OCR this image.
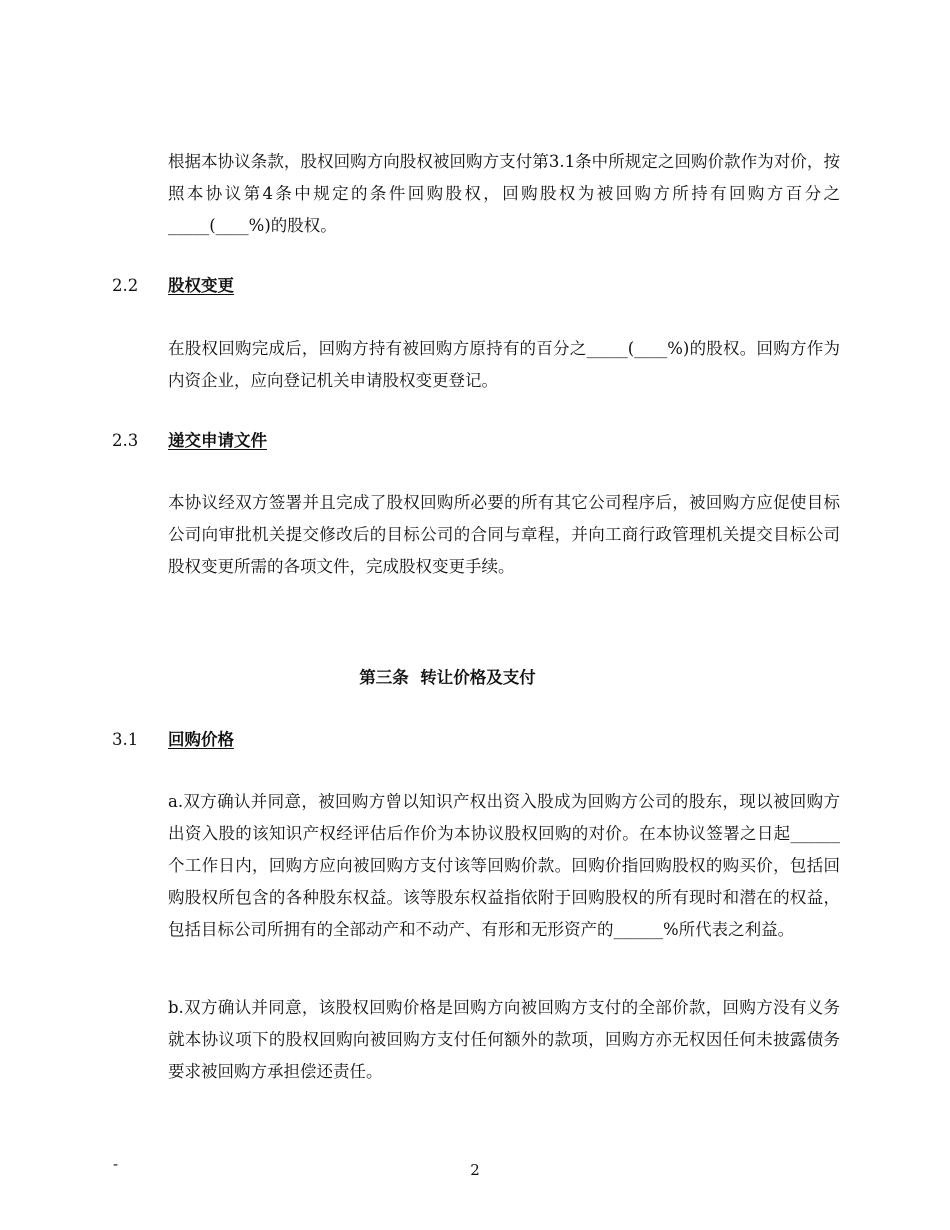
根据本协议条款，股权回购方向股权被回购方支付第3.1条中所规定之回购价款作为对价，按照本协议第4条中规定的条件回购股权，回购股权为被回购方所持有回购方百分之_____(____%)的股权。

2.2 股权变更

在股权回购完成后，回购方持有被回购方原持有的百分之_____(____%)的股权。回购方作为内资企业，应向登记机关申请股权变更登记。

2.3 递交申请文件

本协议经双方签署并且完成了股权回购所必要的所有其它公司程序后，被回购方应促使目标公司向审批机关提交修改后的目标公司的合同与章程，并向工商行政管理机关提交目标公司股权变更所需的各项文件，完成股权变更手续。

第三条  转让价格及支付
3.1 回购价格

a.双方确认并同意，被回购方曾以知识产权出资入股成为回购方公司的股东，现以被回购方出资入股的该知识产权经评估后作价为本协议股权回购的对价。在本协议签署之日起______个工作日内，回购方应向被回购方支付该等回购价款。回购价指回购股权的购买价，包括回购股权所包含的各种股东权益。该等股东权益指依附于回购股权的所有现时和潜在的权益，包括目标公司所拥有的全部动产和不动产、有形和无形资产的______%所代表之利益。

b.双方确认并同意，该股权回购价格是回购方向被回购方支付的全部价款，回购方没有义务就本协议项下的股权回购向被回购方支付任何额外的款项，回购方亦无权因任何未披露债务要求被回购方承担偿还责任。

-	2
